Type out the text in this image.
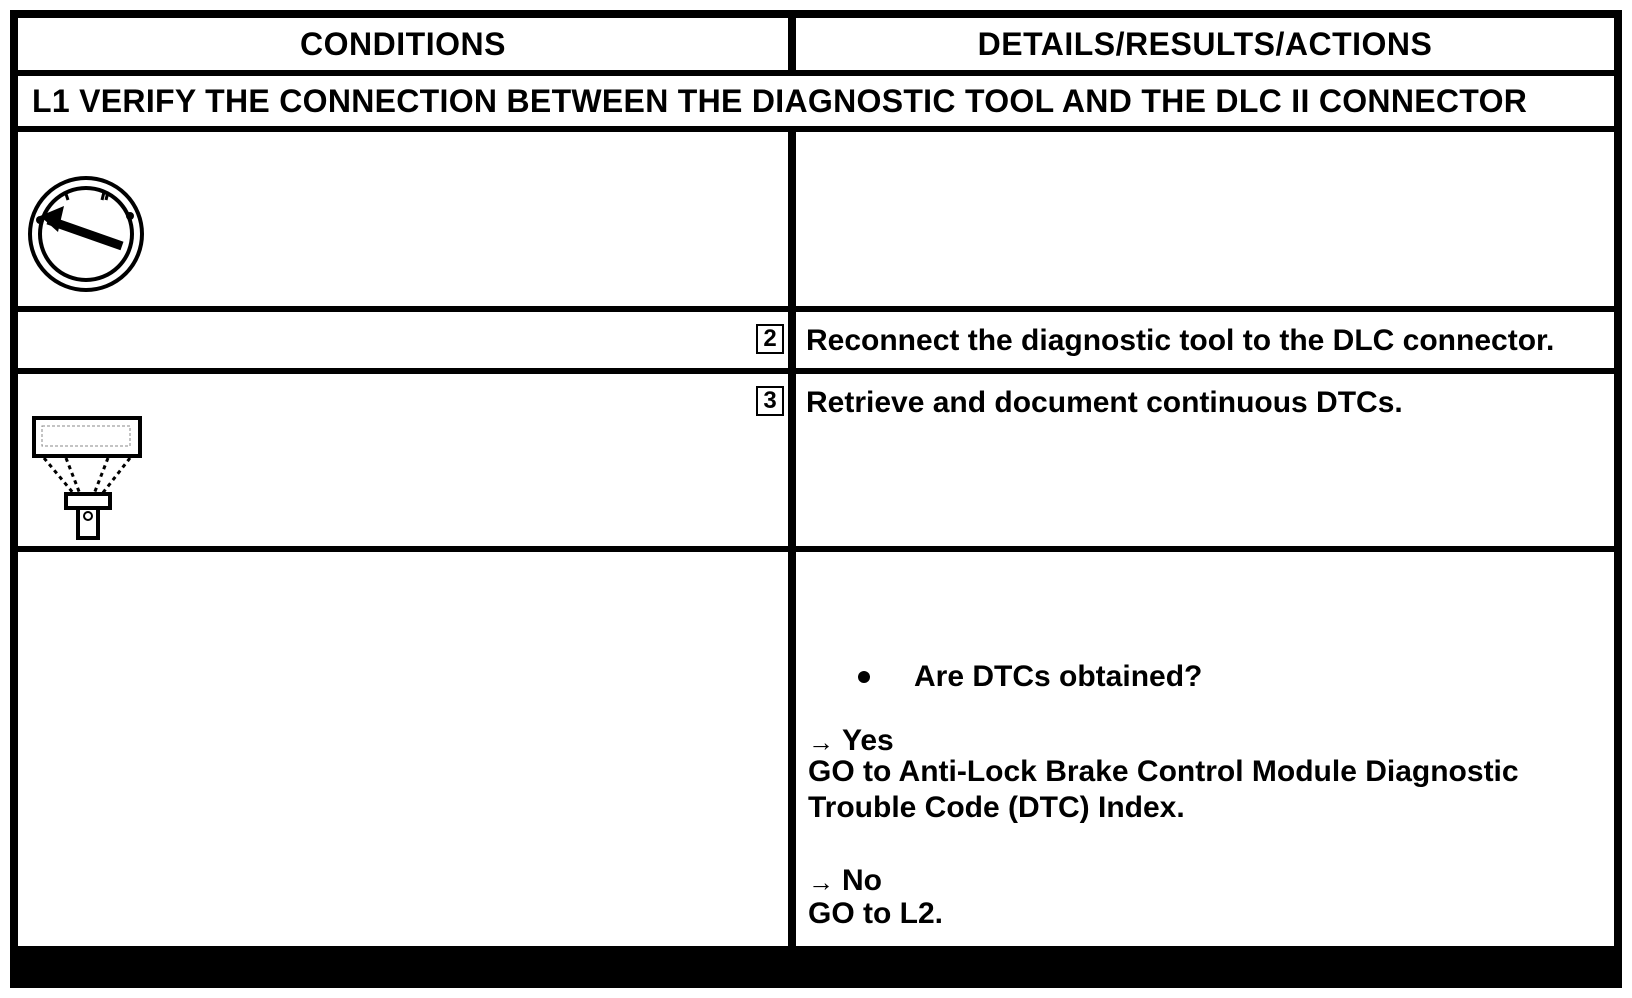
CONDITIONS	DETAILS/RESULTS/ACTIONS
L1 VERIFY THE CONNECTION BETWEEN THE DIAGNOSTIC TOOL AND THE DLC II CONNECTOR
2 Reconnect the diagnostic tool to the DLC connector.
3 Retrieve and document continuous DTCs.
Are DTCs obtained?
→ Yes
GO to Anti-Lock Brake Control Module Diagnostic
Trouble Code (DTC) Index.
→ No
GO to L2.
